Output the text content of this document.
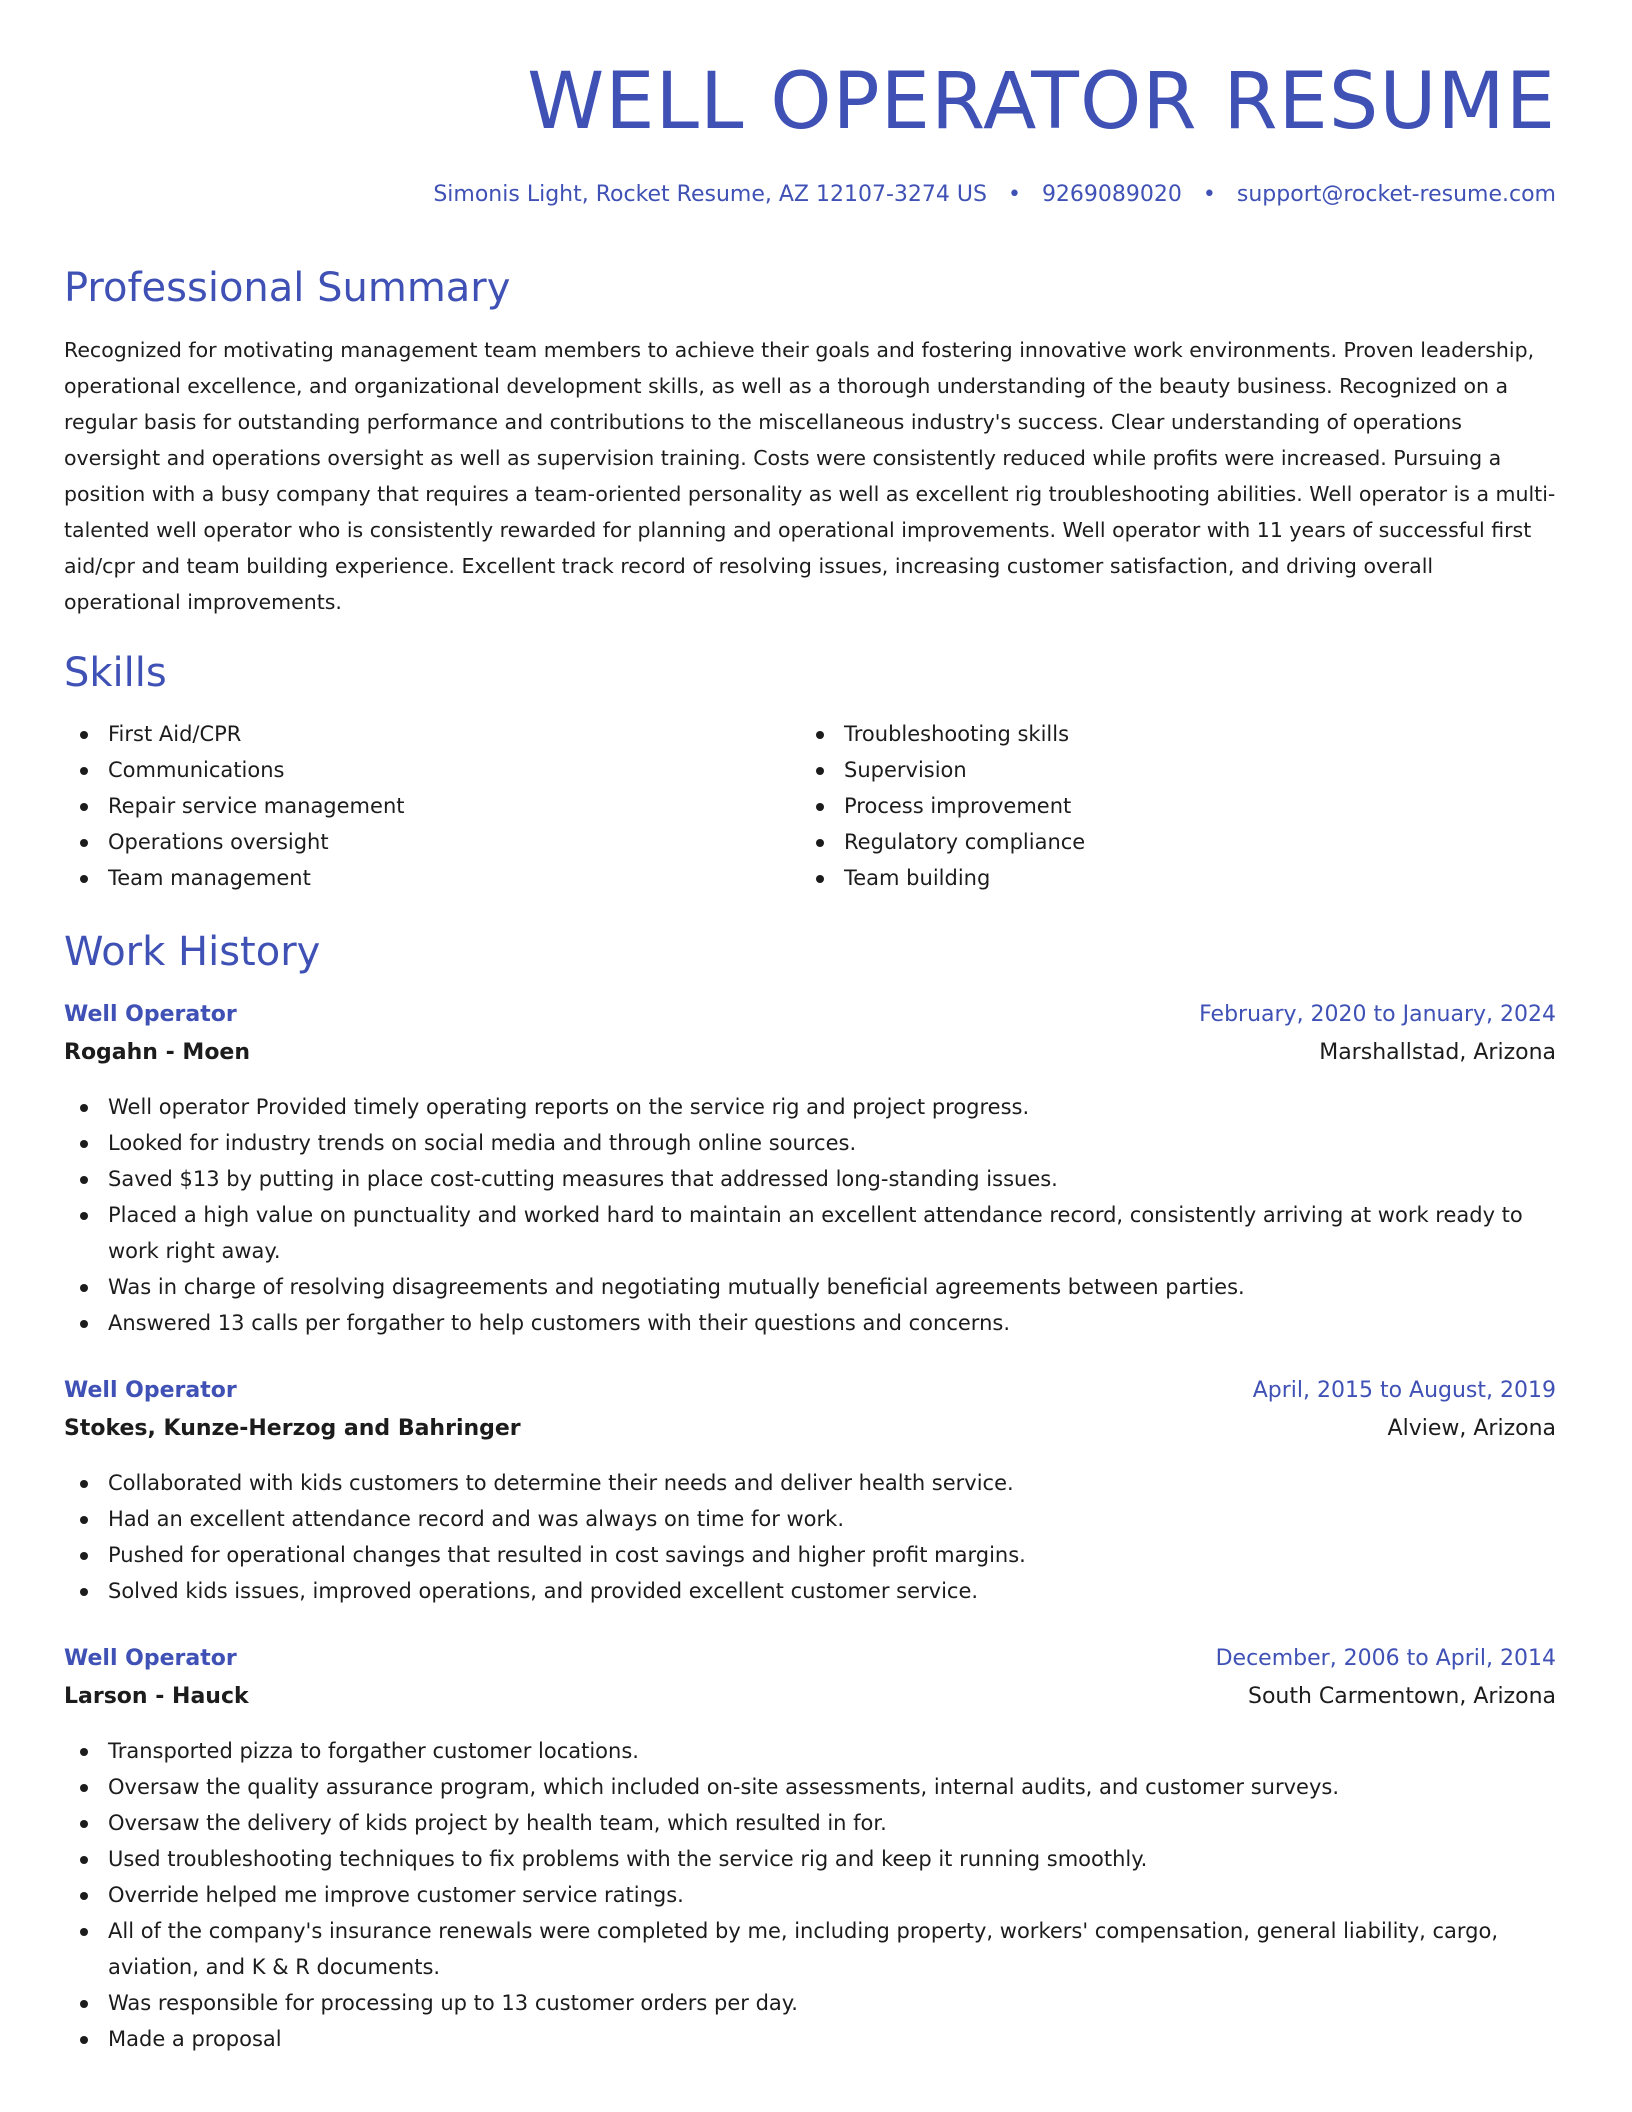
WELL OPERATOR RESUME
Simonis Light, Rocket Resume, AZ 12107-3274 US • 9269089020 • support@rocket-resume.com
Professional Summary

Recognized for motivating management team members to achieve their goals and fostering innovative work environments. Proven leadership, operational excellence, and organizational development skills, as well as a thorough understanding of the beauty business. Recognized on a regular basis for outstanding performance and contributions to the miscellaneous industry's success. Clear understanding of operations oversight and operations oversight as well as supervision training. Costs were consistently reduced while profits were increased. Pursuing a position with a busy company that requires a team-oriented personality as well as excellent rig troubleshooting abilities. Well operator is a multi-talented well operator who is consistently rewarded for planning and operational improvements. Well operator with 11 years of successful first aid/cpr and team building experience. Excellent track record of resolving issues, increasing customer satisfaction, and driving overall operational improvements.

Skills
First Aid/CPR
Communications
Repair service management
Operations oversight
Team management
Troubleshooting skills
Supervision
Process improvement
Regulatory compliance
Team building
Work History
Well Operator	February, 2020 to January, 2024
Rogahn - Moen	Marshallstad, Arizona
Well operator Provided timely operating reports on the service rig and project progress.
Looked for industry trends on social media and through online sources.
Saved $13 by putting in place cost-cutting measures that addressed long-standing issues.
Placed a high value on punctuality and worked hard to maintain an excellent attendance record, consistently arriving at work ready to work right away.
Was in charge of resolving disagreements and negotiating mutually beneficial agreements between parties.
Answered 13 calls per forgather to help customers with their questions and concerns.
Well Operator	April, 2015 to August, 2019
Stokes, Kunze-Herzog and Bahringer	Alview, Arizona
Collaborated with kids customers to determine their needs and deliver health service.
Had an excellent attendance record and was always on time for work.
Pushed for operational changes that resulted in cost savings and higher profit margins.
Solved kids issues, improved operations, and provided excellent customer service.
Well Operator	December, 2006 to April, 2014
Larson - Hauck	South Carmentown, Arizona
Transported pizza to forgather customer locations.
Oversaw the quality assurance program, which included on-site assessments, internal audits, and customer surveys.
Oversaw the delivery of kids project by health team, which resulted in for.
Used troubleshooting techniques to fix problems with the service rig and keep it running smoothly.
Override helped me improve customer service ratings.
All of the company's insurance renewals were completed by me, including property, workers' compensation, general liability, cargo, aviation, and K & R documents.
Was responsible for processing up to 13 customer orders per day.
Made a proposal
